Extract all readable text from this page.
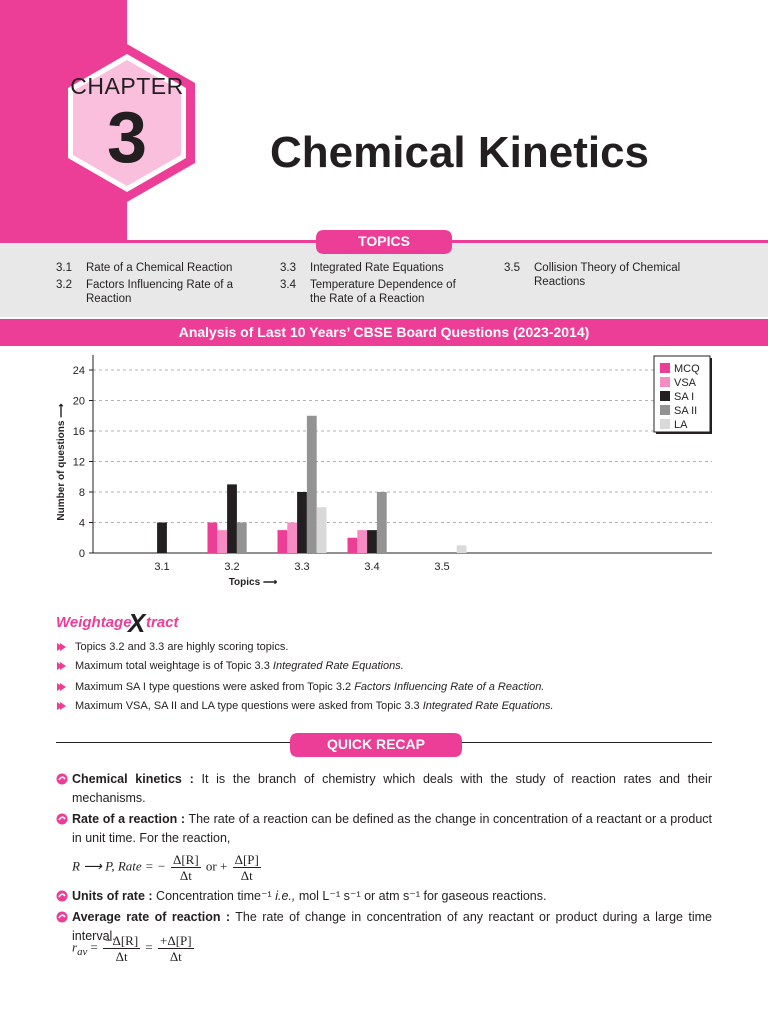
CHAPTER
3	Chemical Kinetics
TOPICS
3.1 Rate of a Chemical Reaction
3.2 Factors Influencing Rate of a Reaction
3.3 Integrated Rate Equations
3.4 Temperature Dependence of the Rate of a Reaction
3.5 Collision Theory of Chemical Reactions
Analysis of Last 10 Years’ CBSE Board Questions (2023-2014)
0
4
8
12
16
20
24
3.1	3.2	3.3	3.4	3.5
Topics ⟶
Number of questions ⟶
MCQ
VSA
SA I
SA II
LA
Weightage
X tract
Topics 3.2 and 3.3 are highly scoring topics.
Maximum total weightage is of Topic 3.3 Integrated Rate Equations.
Maximum SA I type questions were asked from Topic 3.2 Factors Influencing Rate of a Reaction.
Maximum VSA, SA II and LA type questions were asked from Topic 3.3 Integrated Rate Equations.
QUICK RECAP
Chemical kinetics : It is the branch of chemistry which deals with the study of reaction rates and their mechanisms.
Rate of a reaction : The rate of a reaction can be defined as the change in concentration of a reactant or a product in unit time. For the reaction,
R ⟶ P, Rate = − $\frac{\Delta[R]}{\Delta t}$ or + $\frac{\Delta[P]}{\Delta t}$
Units of rate : Concentration time⁻¹ i.e., mol L⁻¹ s⁻¹ or atm s⁻¹ for gaseous reactions.
Average rate of reaction : The rate of change in concentration of any reactant or product during a large time interval.
$r_{av} = \frac{-\Delta[R]}{\Delta t} = \frac{+\Delta[P]}{\Delta t}$
